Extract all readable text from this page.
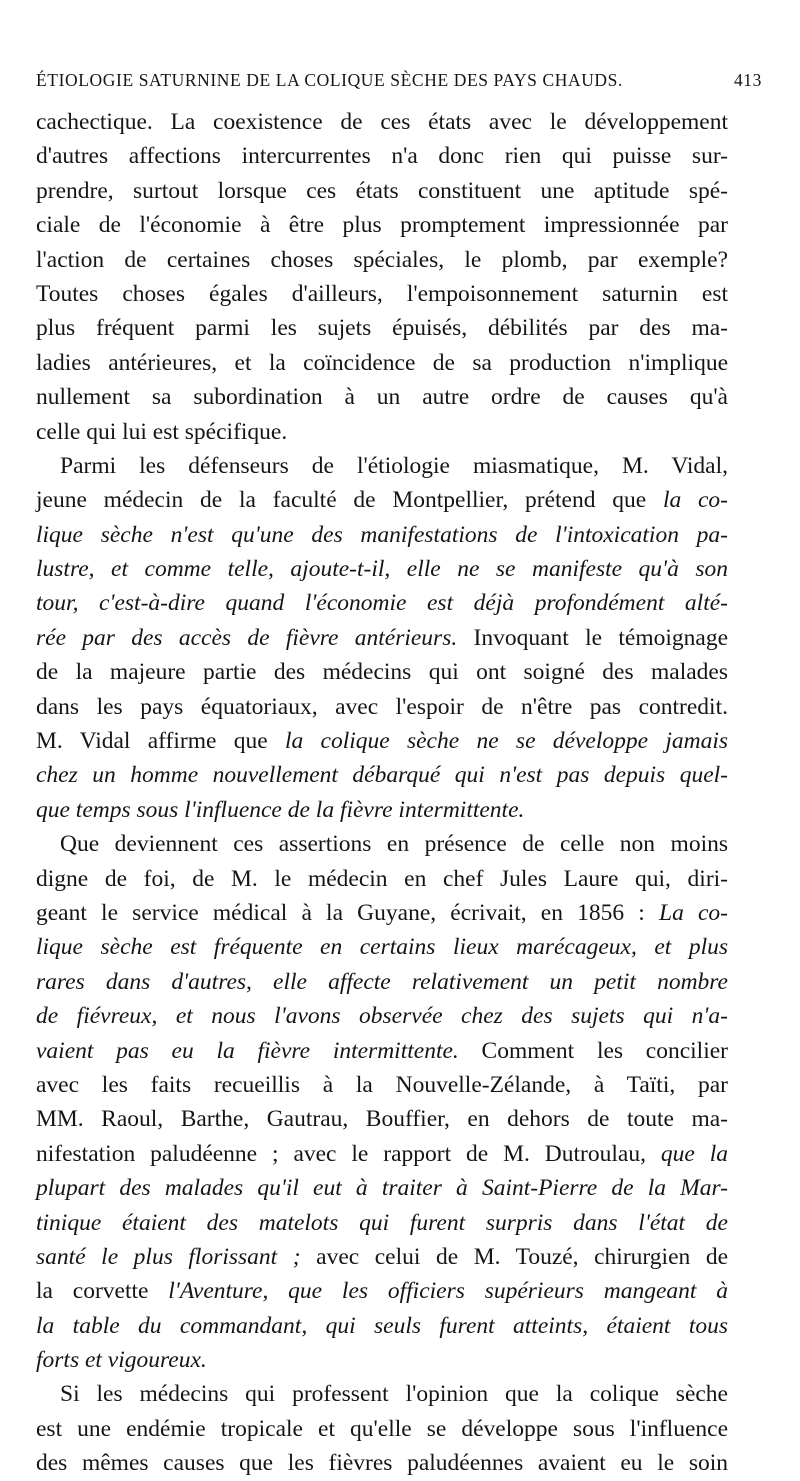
ÉTIOLOGIE SATURNINE DE LA COLIQUE SÈCHE DES PAYS CHAUDS.	413
cachectique. La coexistence de ces états avec le développement
d'autres affections intercurrentes n'a donc rien qui puisse sur-
prendre, surtout lorsque ces états constituent une aptitude spé-
ciale de l'économie à être plus promptement impressionnée par
l'action de certaines choses spéciales, le plomb, par exemple?
Toutes choses égales d'ailleurs, l'empoisonnement saturnin est
plus fréquent parmi les sujets épuisés, débilités par des ma-
ladies antérieures, et la coïncidence de sa production n'implique
nullement sa subordination à un autre ordre de causes qu'à
celle qui lui est spécifique.
Parmi les défenseurs de l'étiologie miasmatique, M. Vidal,
jeune médecin de la faculté de Montpellier, prétend que la co-
lique sèche n'est qu'une des manifestations de l'intoxication pa-
lustre, et comme telle, ajoute-t-il, elle ne se manifeste qu'à son
tour, c'est-à-dire quand l'économie est déjà profondément alté-
rée par des accès de fièvre antérieurs. Invoquant le témoignage
de la majeure partie des médecins qui ont soigné des malades
dans les pays équatoriaux, avec l'espoir de n'être pas contredit.
M. Vidal affirme que la colique sèche ne se développe jamais
chez un homme nouvellement débarqué qui n'est pas depuis quel-
que temps sous l'influence de la fièvre intermittente.
Que deviennent ces assertions en présence de celle non moins
digne de foi, de M. le médecin en chef Jules Laure qui, diri-
geant le service médical à la Guyane, écrivait, en 1856 : La co-
lique sèche est fréquente en certains lieux marécageux, et plus
rares dans d'autres, elle affecte relativement un petit nombre
de fiévreux, et nous l'avons observée chez des sujets qui n'a-
vaient pas eu la fièvre intermittente. Comment les concilier
avec les faits recueillis à la Nouvelle-Zélande, à Taïti, par
MM. Raoul, Barthe, Gautrau, Bouffier, en dehors de toute ma-
nifestation paludéenne ; avec le rapport de M. Dutroulau, que la
plupart des malades qu'il eut à traiter à Saint-Pierre de la Mar-
tinique étaient des matelots qui furent surpris dans l'état de
santé le plus florissant ; avec celui de M. Touzé, chirurgien de
la corvette l'Aventure, que les officiers supérieurs mangeant à
la table du commandant, qui seuls furent atteints, étaient tous
forts et vigoureux.
Si les médecins qui professent l'opinion que la colique sèche
est une endémie tropicale et qu'elle se développe sous l'influence
des mêmes causes que les fièvres paludéennes avaient eu le soin
